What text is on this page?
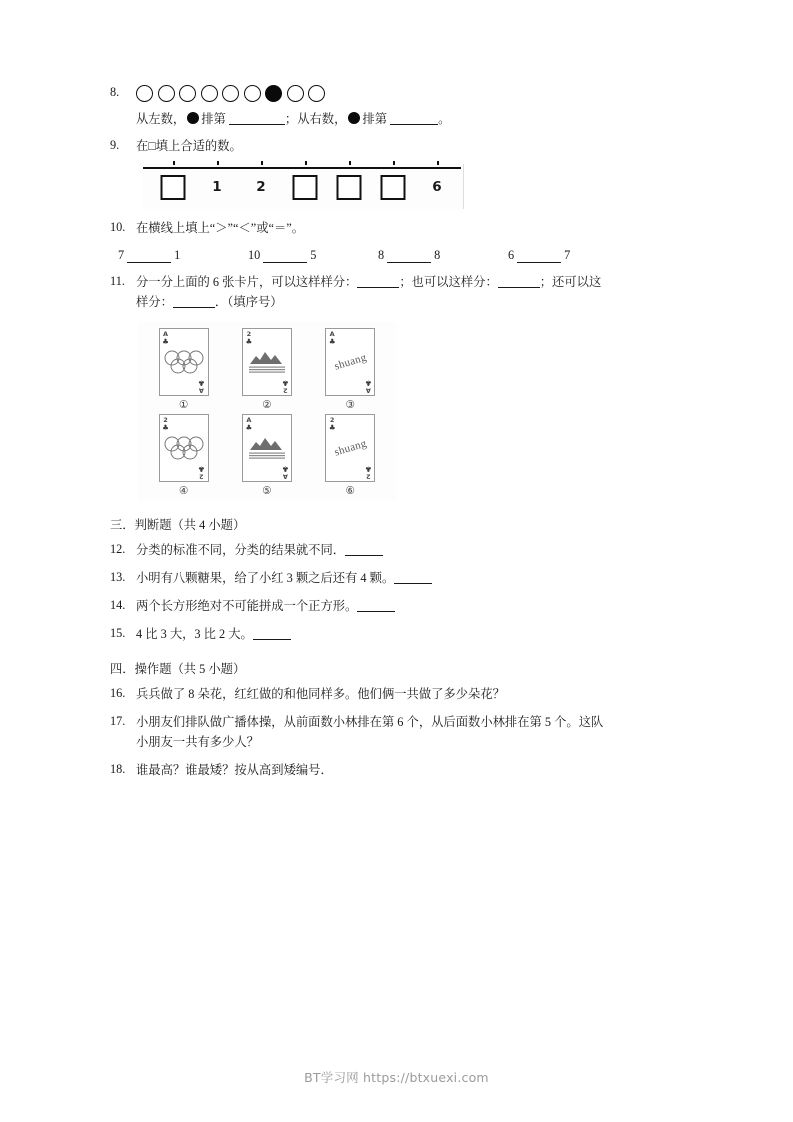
8.
从左数， 排第	；从右数， 排第	。
9.	在□填上合适的数。
1	2	6
10. 在横线上填上“＞”“＜”或“＝”。
7	1	10	5	8	8	6	7
11. 分一分上面的 6 张卡片，可以这样样分：	；也可以这样分：	；还可以这
样分：	．（填序号）
A
♣
A
♣
①
2
♣
2
♣
②
A
♣
shuang
A
♣
③
2
♣
2
♣
④
A
♣
A
♣
⑤
2
♣
shuang
2
♣
⑥
三．判断题（共 4 小题）
12. 分类的标准不同，分类的结果就不同．
13. 小明有八颗糖果，给了小红 3 颗之后还有 4 颗。
14. 两个长方形绝对不可能拼成一个正方形。
15. 4 比 3 大，3 比 2 大。
四．操作题（共 5 小题）
16. 兵兵做了 8 朵花，红红做的和他同样多。他们俩一共做了多少朵花？
17. 小朋友们排队做广播体操，从前面数小林排在第 6 个，从后面数小林排在第 5 个。这队
小朋友一共有多少人？
18. 谁最高？谁最矮？按从高到矮编号．
BT学习网 https://btxuexi.com
